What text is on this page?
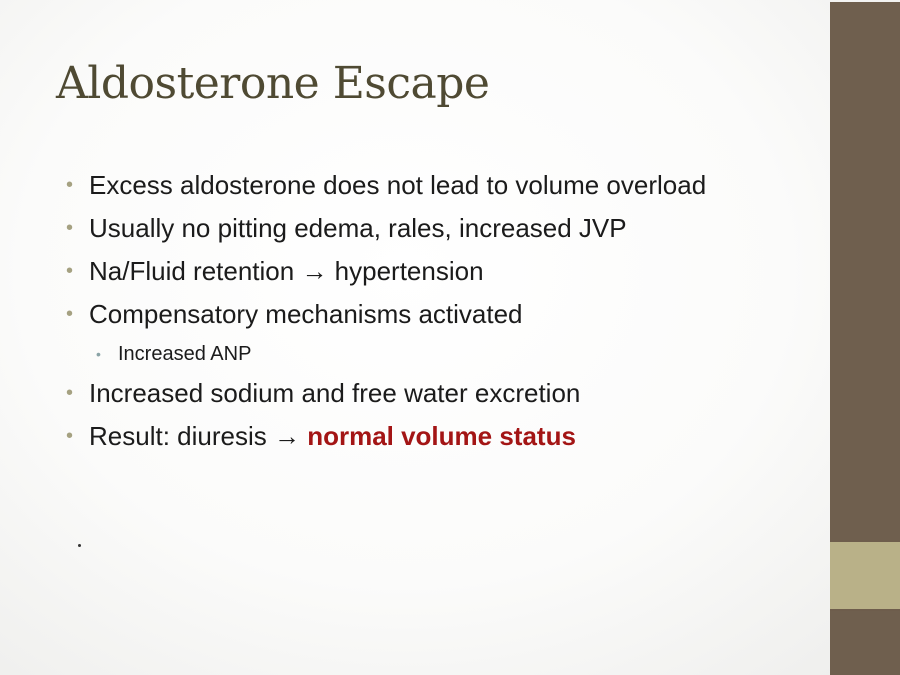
Aldosterone Escape
• Excess aldosterone does not lead to volume overload
• Usually no pitting edema, rales, increased JVP
• Na/Fluid retention → hypertension
• Compensatory mechanisms activated
• Increased ANP
• Increased sodium and free water excretion
• Result: diuresis → normal volume status
